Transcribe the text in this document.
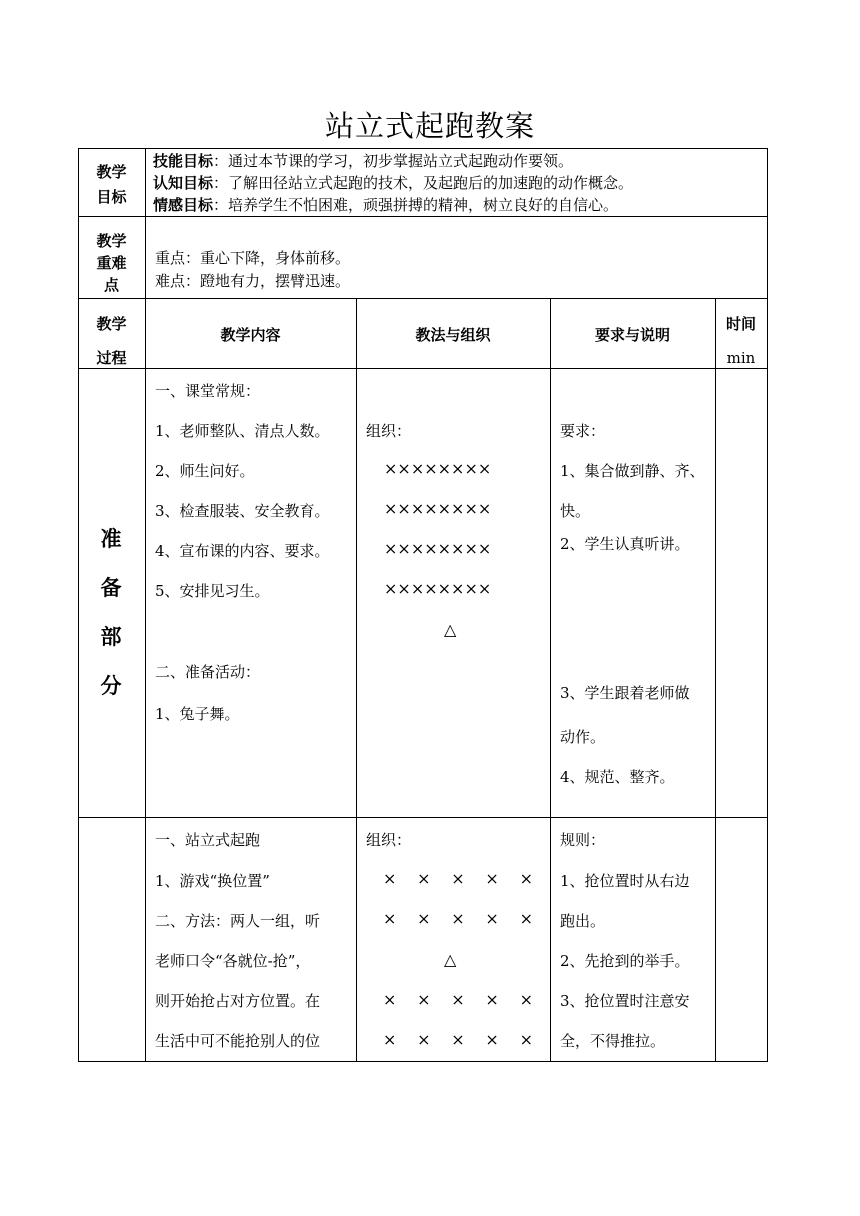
站立式起跑教案
教学
目标
技能目标：通过本节课的学习，初步掌握站立式起跑动作要领。
认知目标：了解田径站立式起跑的技术，及起跑后的加速跑的动作概念。
情感目标：培养学生不怕困难，顽强拼搏的精神，树立良好的自信心。
教学
重难
点
重点：重心下降，身体前移。
难点：蹬地有力，摆臂迅速。
教学
过程
教学内容	教法与组织	要求与说明
时间
min
准
备
部
分
一、课堂常规：
1、老师整队、清点人数。
2、师生问好。
3、检查服装、安全教育。
4、宣布课的内容、要求。
5、安排见习生。
二、准备活动：
1、兔子舞。
组织：
××××××××
××××××××
××××××××
××××××××
△
要求：
1、集合做到静、齐、
快。
2、学生认真听讲。
3、学生跟着老师做
动作。
4、规范、整齐。
一、站立式起跑
1、游戏“换位置”
二、方法：两人一组，听
老师口令“各就位-抢”，
则开始抢占对方位置。在
生活中可不能抢别人的位
组织：
× × × × ×
× × × × ×
△
× × × × ×
× × × × ×
规则：
1、抢位置时从右边
跑出。
2、先抢到的举手。
3、抢位置时注意安
全，不得推拉。
